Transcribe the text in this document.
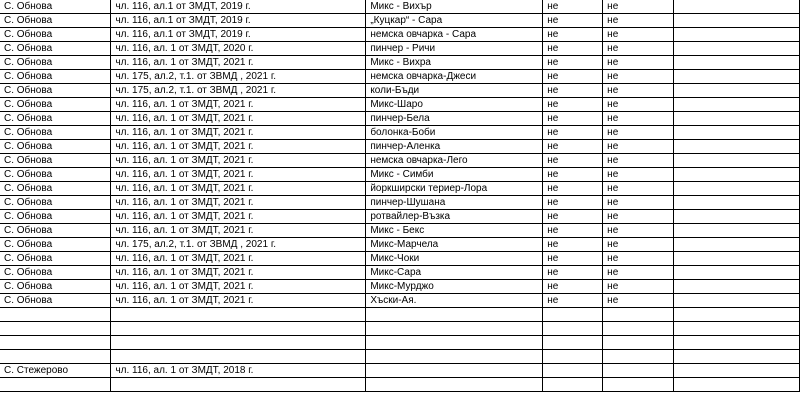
С. Обнова	чл. 116, ал.1 от ЗМДТ, 2019 г.	Микс - Вихър	не	не	
С. Обнова	чл. 116, ал.1 от ЗМДТ, 2019 г.	„Куцкар“ - Сара	не	не	
С. Обнова	чл. 116, ал.1 от ЗМДТ, 2019 г.	немска овчарка - Сара	не	не	
С. Обнова	чл. 116, ал. 1 от ЗМДТ, 2020 г.	пинчер - Ричи	не	не	
С. Обнова	чл. 116, ал. 1 от ЗМДТ, 2021 г.	Микс - Вихра	не	не	
С. Обнова	чл. 175, ал.2, т.1. от ЗВМД , 2021 г.	немска овчарка-Джеси	не	не	
С. Обнова	чл. 175, ал.2, т.1. от ЗВМД , 2021 г.	коли-Бъди	не	не	
С. Обнова	чл. 116, ал. 1 от ЗМДТ, 2021 г.	Микс-Шаро	не	не	
С. Обнова	чл. 116, ал. 1 от ЗМДТ, 2021 г.	пинчер-Бела	не	не	
С. Обнова	чл. 116, ал. 1 от ЗМДТ, 2021 г.	болонка-Боби	не	не	
С. Обнова	чл. 116, ал. 1 от ЗМДТ, 2021 г.	пинчер-Аленка	не	не	
С. Обнова	чл. 116, ал. 1 от ЗМДТ, 2021 г.	немска овчарка-Лего	не	не	
С. Обнова	чл. 116, ал. 1 от ЗМДТ, 2021 г.	Микс - Симби	не	не	
С. Обнова	чл. 116, ал. 1 от ЗМДТ, 2021 г.	йоркширски териер-Лора	не	не	
С. Обнова	чл. 116, ал. 1 от ЗМДТ, 2021 г.	пинчер-Шушана	не	не	
С. Обнова	чл. 116, ал. 1 от ЗМДТ, 2021 г.	ротвайлер-Възка	не	не	
С. Обнова	чл. 116, ал. 1 от ЗМДТ, 2021 г.	Микс - Бекс	не	не	
С. Обнова	чл. 175, ал.2, т.1. от ЗВМД , 2021 г.	Микс-Марчела	не	не	
С. Обнова	чл. 116, ал. 1 от ЗМДТ, 2021 г.	Микс-Чоки	не	не	
С. Обнова	чл. 116, ал. 1 от ЗМДТ, 2021 г.	Микс-Сара	не	не	
С. Обнова	чл. 116, ал. 1 от ЗМДТ, 2021 г.	Микс-Мурджо	не	не	
С. Обнова	чл. 116, ал. 1 от ЗМДТ, 2021 г.	Хъски-Ая.	не	не	

С. Стежерово	чл. 116, ал. 1 от ЗМДТ, 2018 г.				
